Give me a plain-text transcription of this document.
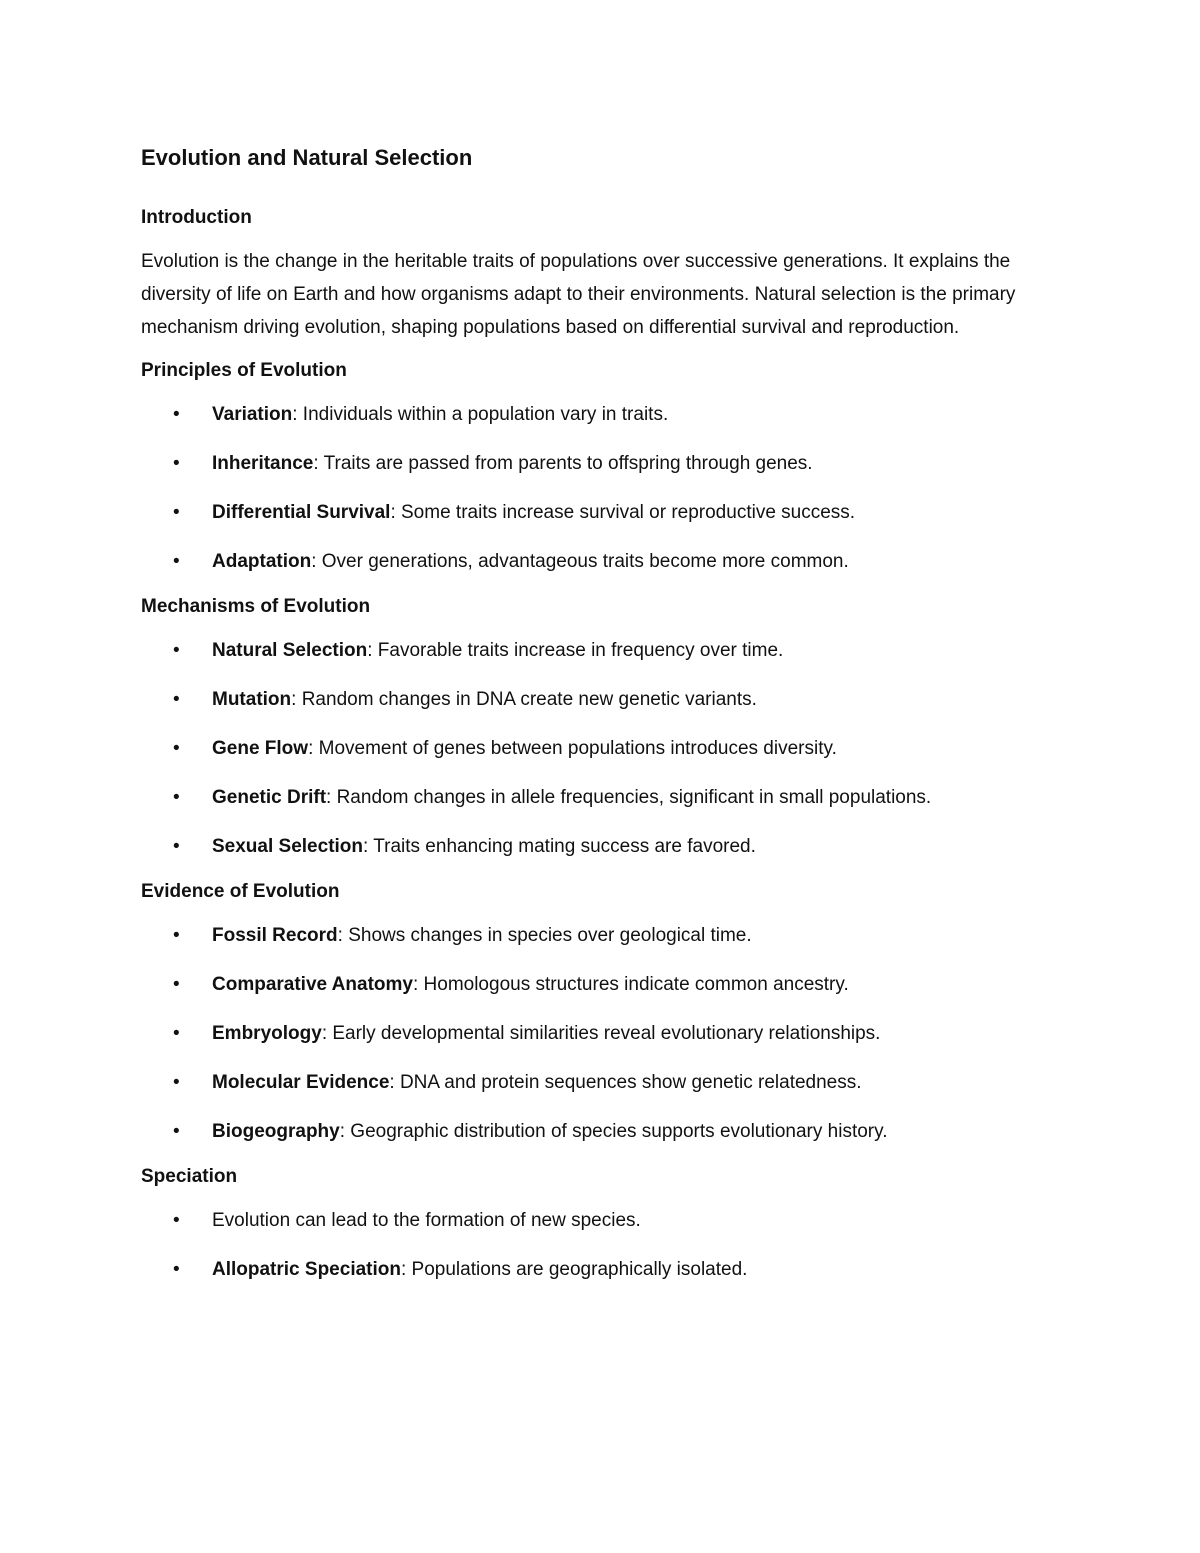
Evolution and Natural Selection
Introduction

Evolution is the change in the heritable traits of populations over successive generations. It explains the diversity of life on Earth and how organisms adapt to their environments. Natural selection is the primary mechanism driving evolution, shaping populations based on differential survival and reproduction.

Principles of Evolution
• Variation: Individuals within a population vary in traits.
• Inheritance: Traits are passed from parents to offspring through genes.
• Differential Survival: Some traits increase survival or reproductive success.
• Adaptation: Over generations, advantageous traits become more common.
Mechanisms of Evolution
• Natural Selection: Favorable traits increase in frequency over time.
• Mutation: Random changes in DNA create new genetic variants.
• Gene Flow: Movement of genes between populations introduces diversity.
• Genetic Drift: Random changes in allele frequencies, significant in small populations.
• Sexual Selection: Traits enhancing mating success are favored.
Evidence of Evolution
• Fossil Record: Shows changes in species over geological time.
• Comparative Anatomy: Homologous structures indicate common ancestry.
• Embryology: Early developmental similarities reveal evolutionary relationships.
• Molecular Evidence: DNA and protein sequences show genetic relatedness.
• Biogeography: Geographic distribution of species supports evolutionary history.
Speciation
• Evolution can lead to the formation of new species.
• Allopatric Speciation: Populations are geographically isolated.
